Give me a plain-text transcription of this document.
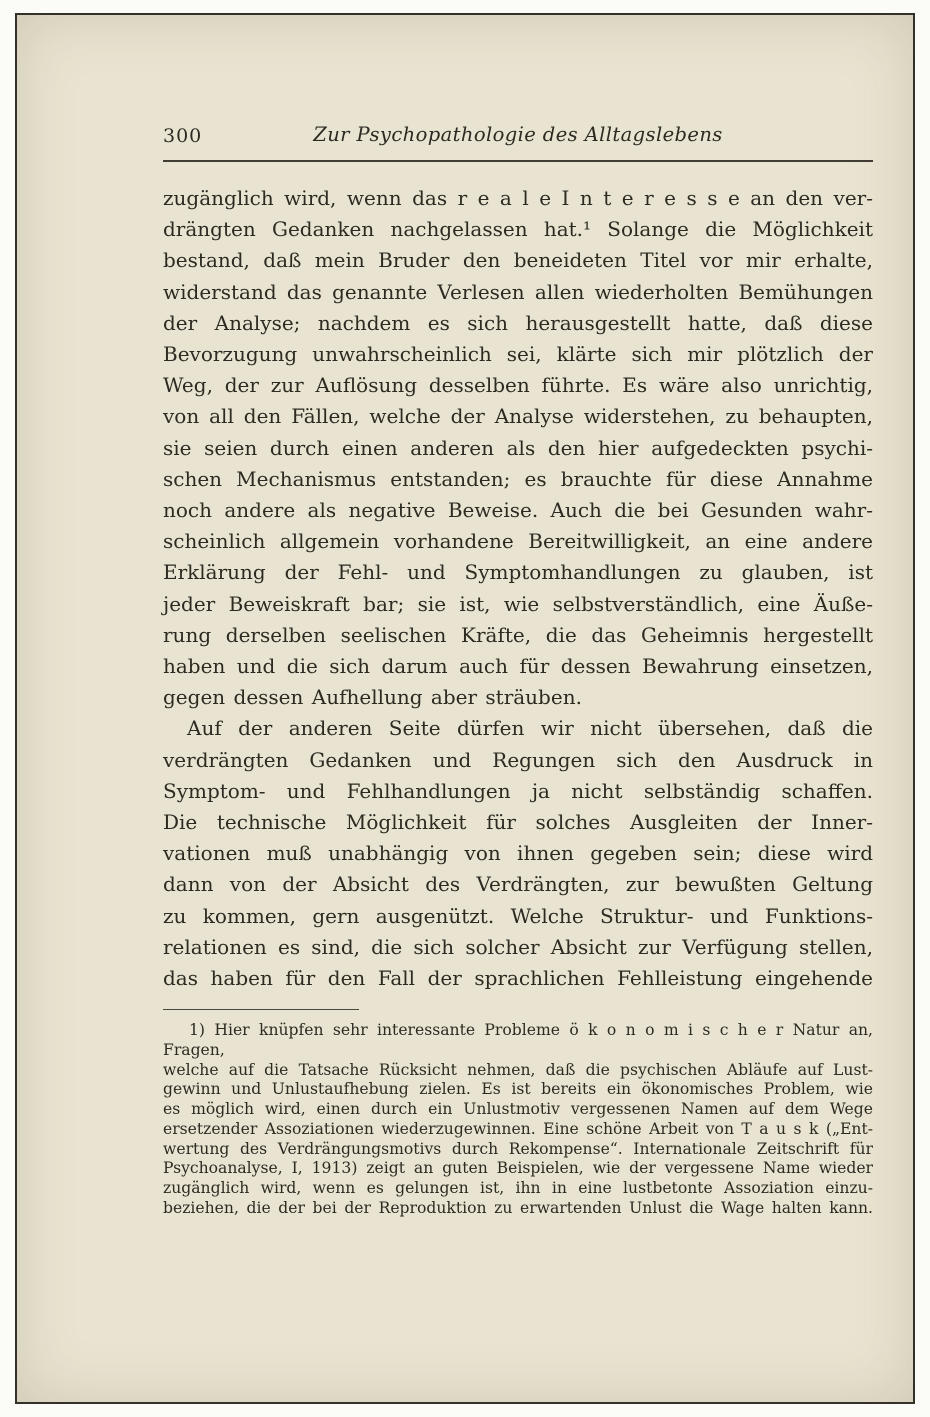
300	Zur Psychopathologie des Alltagslebens
zugänglich wird, wenn das r e a l e I n t e r e s s e an den ver-
drängten Gedanken nachgelassen hat.¹ Solange die Möglichkeit
bestand, daß mein Bruder den beneideten Titel vor mir erhalte,
widerstand das genannte Verlesen allen wiederholten Bemühungen
der Analyse; nachdem es sich herausgestellt hatte, daß diese
Bevorzugung unwahrscheinlich sei, klärte sich mir plötzlich der
Weg, der zur Auflösung desselben führte. Es wäre also unrichtig,
von all den Fällen, welche der Analyse widerstehen, zu behaupten,
sie seien durch einen anderen als den hier aufgedeckten psychi-
schen Mechanismus entstanden; es brauchte für diese Annahme
noch andere als negative Beweise. Auch die bei Gesunden wahr-
scheinlich allgemein vorhandene Bereitwilligkeit, an eine andere
Erklärung der Fehl- und Symptomhandlungen zu glauben, ist
jeder Beweiskraft bar; sie ist, wie selbstverständlich, eine Äuße-
rung derselben seelischen Kräfte, die das Geheimnis hergestellt
haben und die sich darum auch für dessen Bewahrung einsetzen,
gegen dessen Aufhellung aber sträuben.
Auf der anderen Seite dürfen wir nicht übersehen, daß die
verdrängten Gedanken und Regungen sich den Ausdruck in
Symptom- und Fehlhandlungen ja nicht selbständig schaffen.
Die technische Möglichkeit für solches Ausgleiten der Inner-
vationen muß unabhängig von ihnen gegeben sein; diese wird
dann von der Absicht des Verdrängten, zur bewußten Geltung
zu kommen, gern ausgenützt. Welche Struktur- und Funktions-
relationen es sind, die sich solcher Absicht zur Verfügung stellen,
das haben für den Fall der sprachlichen Fehlleistung eingehende
1) Hier knüpfen sehr interessante Probleme ö k o n o m i s c h e r Natur an, Fragen,
welche auf die Tatsache Rücksicht nehmen, daß die psychischen Abläufe auf Lust-
gewinn und Unlustaufhebung zielen. Es ist bereits ein ökonomisches Problem, wie
es möglich wird, einen durch ein Unlustmotiv vergessenen Namen auf dem Wege
ersetzender Assoziationen wiederzugewinnen. Eine schöne Arbeit von T a u s k („Ent-
wertung des Verdrängungsmotivs durch Rekompense“. Internationale Zeitschrift für
Psychoanalyse, I, 1913) zeigt an guten Beispielen, wie der vergessene Name wieder
zugänglich wird, wenn es gelungen ist, ihn in eine lustbetonte Assoziation einzu-
beziehen, die der bei der Reproduktion zu erwartenden Unlust die Wage halten kann.
